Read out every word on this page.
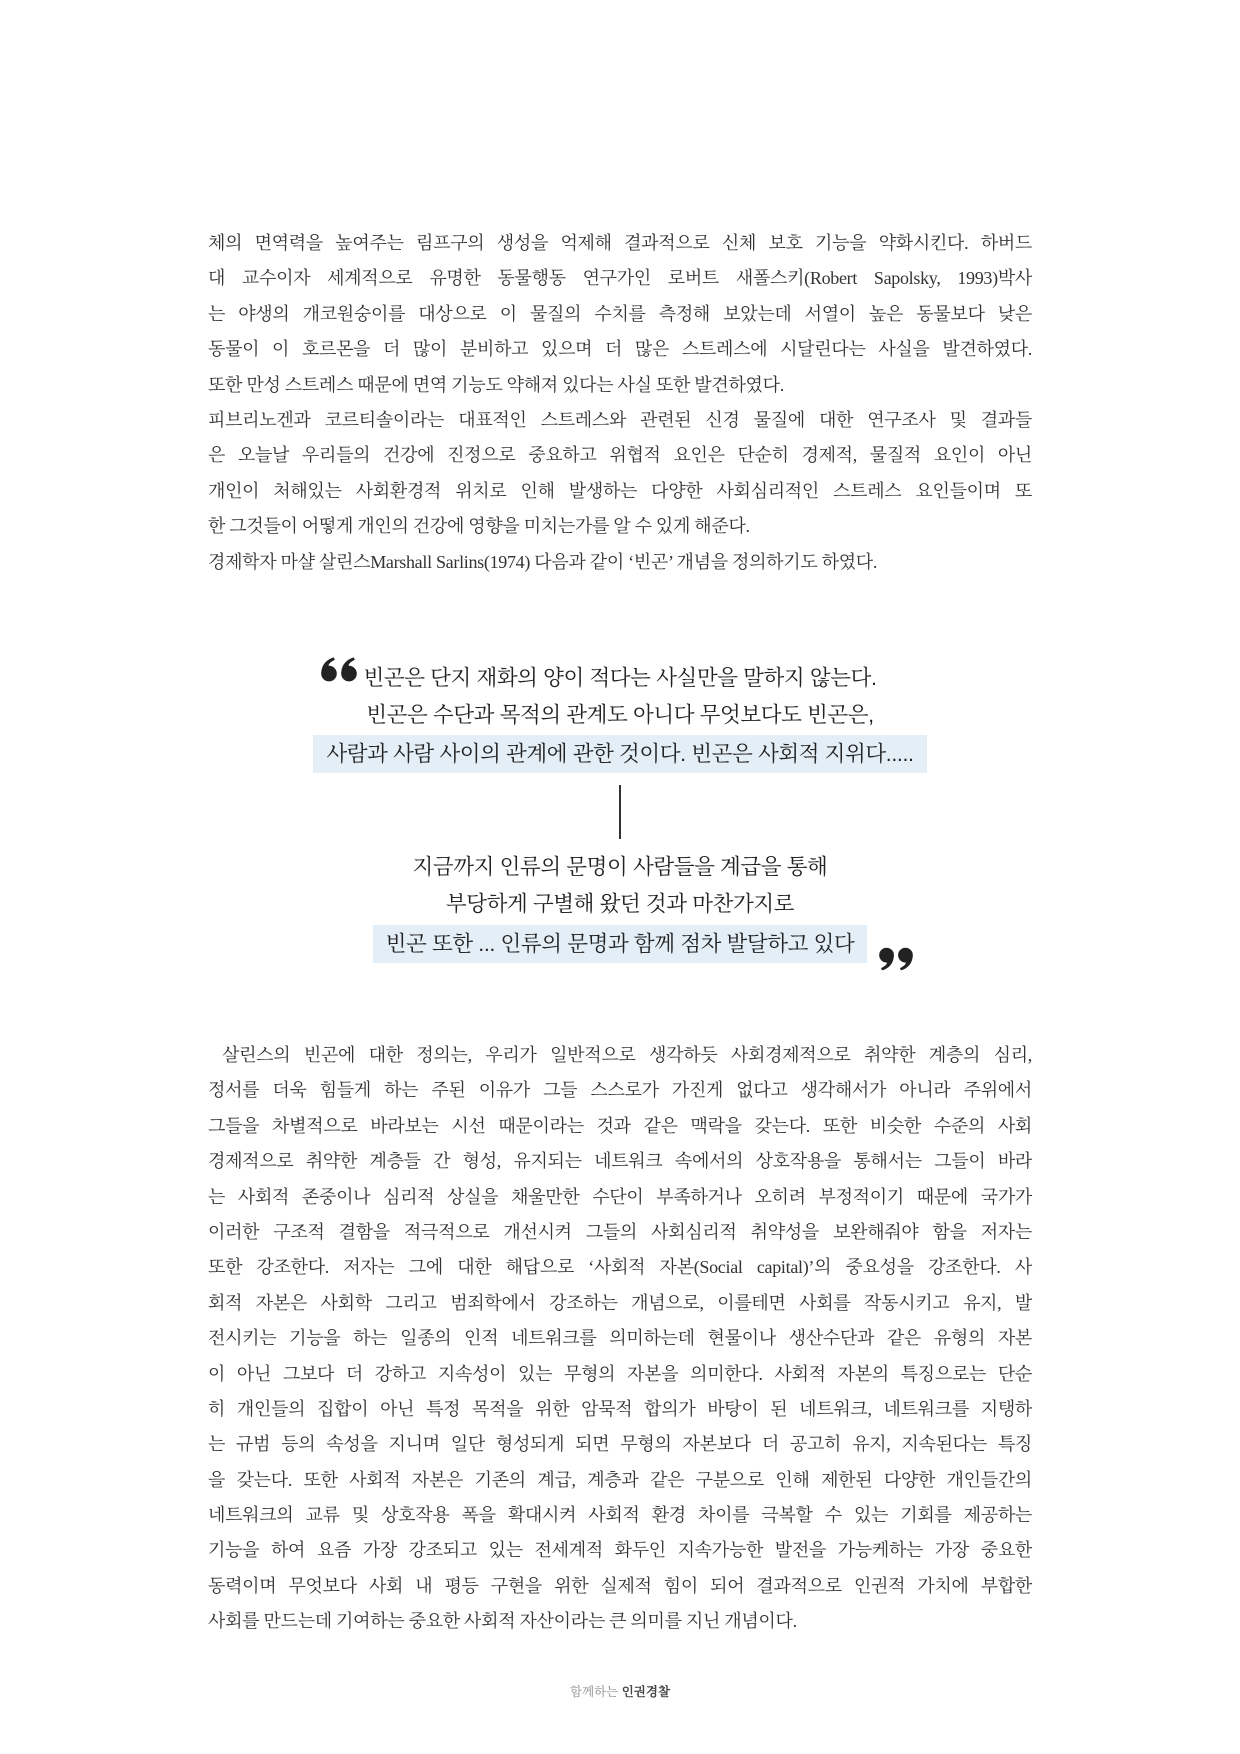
체의 면역력을 높여주는 림프구의 생성을 억제해 결과적으로 신체 보호 기능을 약화시킨다. 하버드
대 교수이자 세계적으로 유명한 동물행동 연구가인 로버트 새폴스키(Robert Sapolsky, 1993)박사
는 야생의 개코원숭이를 대상으로 이 물질의 수치를 측정해 보았는데 서열이 높은 동물보다 낮은
동물이 이 호르몬을 더 많이 분비하고 있으며 더 많은 스트레스에 시달린다는 사실을 발견하였다.
또한 만성 스트레스 때문에 면역 기능도 약해져 있다는 사실 또한 발견하였다.
피브리노겐과 코르티솔이라는 대표적인 스트레스와 관련된 신경 물질에 대한 연구조사 및 결과들
은 오늘날 우리들의 건강에 진정으로 중요하고 위협적 요인은 단순히 경제적, 물질적 요인이 아닌
개인이 처해있는 사회환경적 위치로 인해 발생하는 다양한 사회심리적인 스트레스 요인들이며 또
한 그것들이 어떻게 개인의 건강에 영향을 미치는가를 알 수 있게 해준다.
경제학자 마샬 살린스Marshall Sarlins(1974) 다음과 같이 ‘빈곤’ 개념을 정의하기도 하였다.
빈곤은 단지 재화의 양이 적다는 사실만을 말하지 않는다.
빈곤은 수단과 목적의 관계도 아니다 무엇보다도 빈곤은,
사람과 사람 사이의 관계에 관한 것이다. 빈곤은 사회적 지위다.....
지금까지 인류의 문명이 사람들을 계급을 통해
부당하게 구별해 왔던 것과 마찬가지로
빈곤 또한 ... 인류의 문명과 함께 점차 발달하고 있다
살린스의 빈곤에 대한 정의는, 우리가 일반적으로 생각하듯 사회경제적으로 취약한 계층의 심리,
정서를 더욱 힘들게 하는 주된 이유가 그들 스스로가 가진게 없다고 생각해서가 아니라 주위에서
그들을 차별적으로 바라보는 시선 때문이라는 것과 같은 맥락을 갖는다. 또한 비슷한 수준의 사회
경제적으로 취약한 계층들 간 형성, 유지되는 네트워크 속에서의 상호작용을 통해서는 그들이 바라
는 사회적 존중이나 심리적 상실을 채울만한 수단이 부족하거나 오히려 부정적이기 때문에 국가가
이러한 구조적 결함을 적극적으로 개선시켜 그들의 사회심리적 취약성을 보완해줘야 함을 저자는
또한 강조한다. 저자는 그에 대한 해답으로 ‘사회적 자본(Social capital)’의 중요성을 강조한다. 사
회적 자본은 사회학 그리고 범죄학에서 강조하는 개념으로, 이를테면 사회를 작동시키고 유지, 발
전시키는 기능을 하는 일종의 인적 네트워크를 의미하는데 현물이나 생산수단과 같은 유형의 자본
이 아닌 그보다 더 강하고 지속성이 있는 무형의 자본을 의미한다. 사회적 자본의 특징으로는 단순
히 개인들의 집합이 아닌 특정 목적을 위한 암묵적 합의가 바탕이 된 네트워크, 네트워크를 지탱하
는 규범 등의 속성을 지니며 일단 형성되게 되면 무형의 자본보다 더 공고히 유지, 지속된다는 특징
을 갖는다. 또한 사회적 자본은 기존의 계급, 계층과 같은 구분으로 인해 제한된 다양한 개인들간의
네트워크의 교류 및 상호작용 폭을 확대시켜 사회적 환경 차이를 극복할 수 있는 기회를 제공하는
기능을 하여 요즘 가장 강조되고 있는 전세계적 화두인 지속가능한 발전을 가능케하는 가장 중요한
동력이며 무엇보다 사회 내 평등 구현을 위한 실제적 힘이 되어 결과적으로 인권적 가치에 부합한
사회를 만드는데 기여하는 중요한 사회적 자산이라는 큰 의미를 지닌 개념이다.
함께하는 인권경찰
